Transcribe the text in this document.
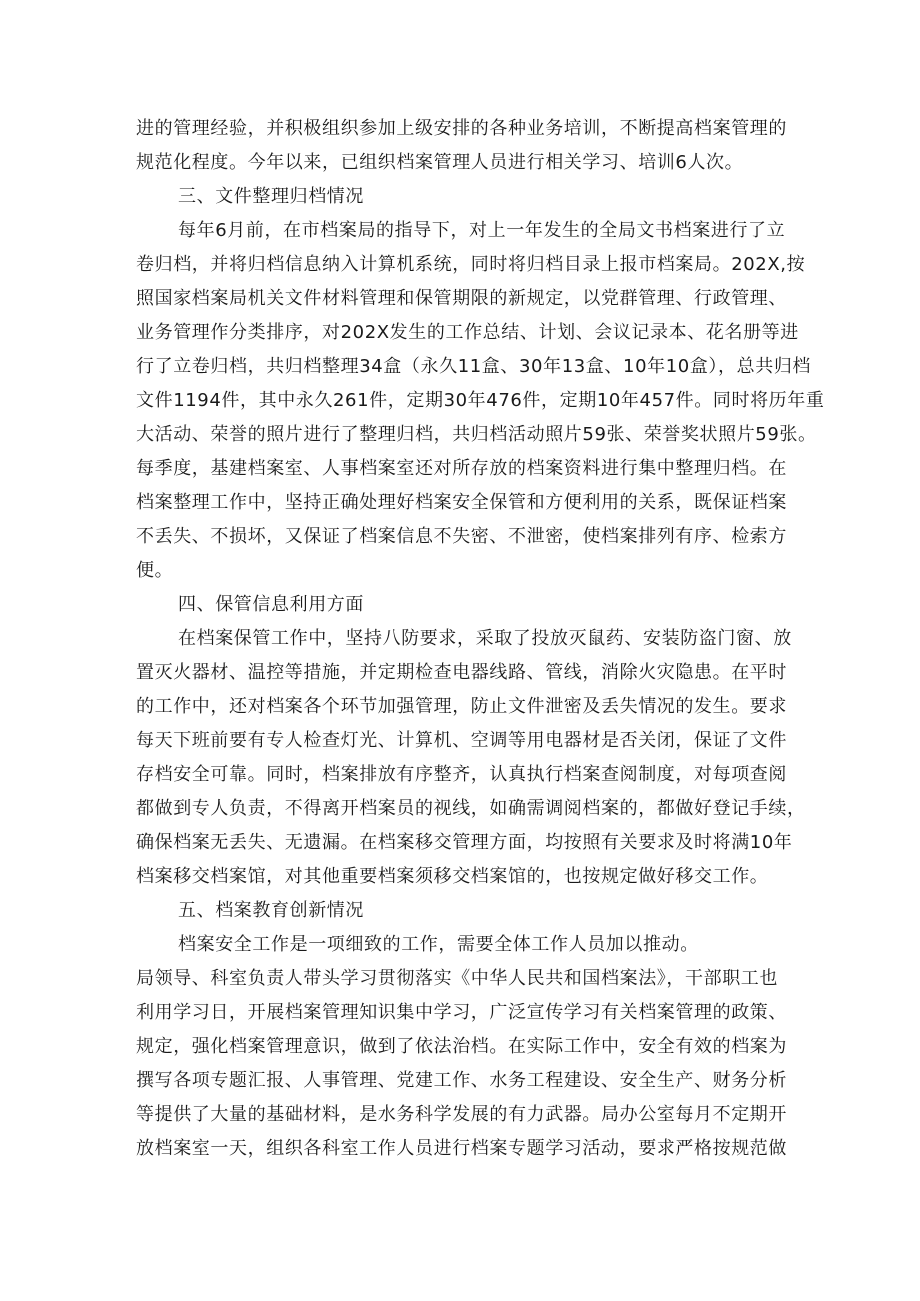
进的管理经验，并积极组织参加上级安排的各种业务培训，不断提高档案管理的
规范化程度。今年以来，已组织档案管理人员进行相关学习、培训6人次。
三、文件整理归档情况
每年6月前，在市档案局的指导下，对上一年发生的全局文书档案进行了立
卷归档，并将归档信息纳入计算机系统，同时将归档目录上报市档案局。202X,按
照国家档案局机关文件材料管理和保管期限的新规定，以党群管理、行政管理、
业务管理作分类排序，对202X发生的工作总结、计划、会议记录本、花名册等进
行了立卷归档，共归档整理34盒（永久11盒、30年13盒、10年10盒），总共归档
文件1194件，其中永久261件，定期30年476件，定期10年457件。同时将历年重
大活动、荣誉的照片进行了整理归档，共归档活动照片59张、荣誉奖状照片59张。
每季度，基建档案室、人事档案室还对所存放的档案资料进行集中整理归档。在
档案整理工作中，坚持正确处理好档案安全保管和方便利用的关系，既保证档案
不丢失、不损坏，又保证了档案信息不失密、不泄密，使档案排列有序、检索方
便。
四、保管信息利用方面
在档案保管工作中，坚持八防要求，采取了投放灭鼠药、安装防盗门窗、放
置灭火器材、温控等措施，并定期检查电器线路、管线，消除火灾隐患。在平时
的工作中，还对档案各个环节加强管理，防止文件泄密及丢失情况的发生。要求
每天下班前要有专人检查灯光、计算机、空调等用电器材是否关闭，保证了文件
存档安全可靠。同时，档案排放有序整齐，认真执行档案查阅制度，对每项查阅
都做到专人负责，不得离开档案员的视线，如确需调阅档案的，都做好登记手续，
确保档案无丢失、无遗漏。在档案移交管理方面，均按照有关要求及时将满10年
档案移交档案馆，对其他重要档案须移交档案馆的，也按规定做好移交工作。
五、档案教育创新情况
档案安全工作是一项细致的工作，需要全体工作人员加以推动。
局领导、科室负责人带头学习贯彻落实《中华人民共和国档案法》，干部职工也
利用学习日，开展档案管理知识集中学习，广泛宣传学习有关档案管理的政策、
规定，强化档案管理意识，做到了依法治档。在实际工作中，安全有效的档案为
撰写各项专题汇报、人事管理、党建工作、水务工程建设、安全生产、财务分析
等提供了大量的基础材料，是水务科学发展的有力武器。局办公室每月不定期开
放档案室一天，组织各科室工作人员进行档案专题学习活动，要求严格按规范做
